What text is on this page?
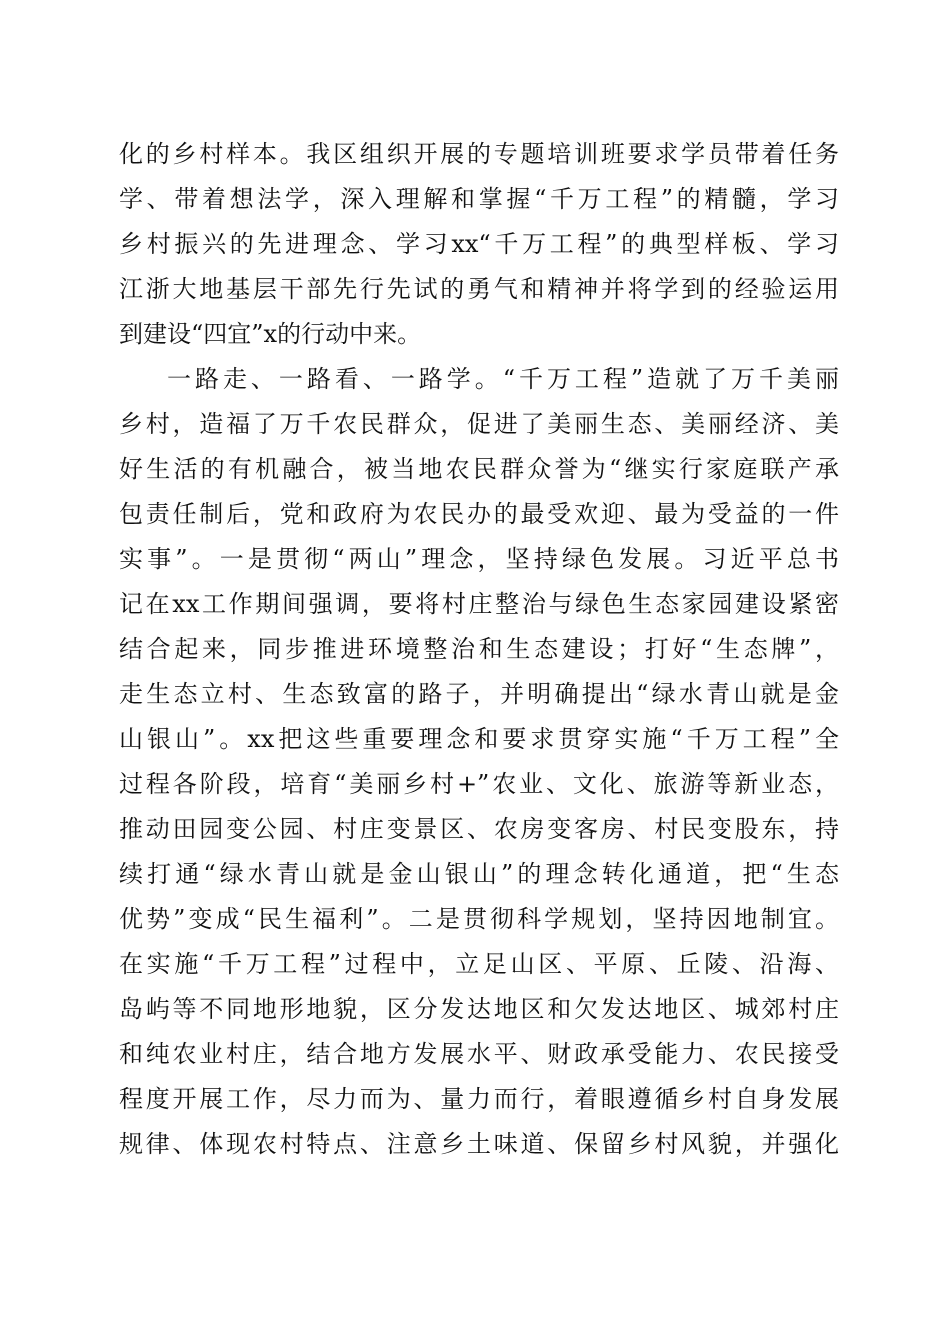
化的乡村样本。我区组织开展的专题培训班要求学员带着任务
学、带着想法学，深入理解和掌握“千万工程”的精髓，学习
乡村振兴的先进理念、学习xx“千万工程”的典型样板、学习
江浙大地基层干部先行先试的勇气和精神并将学到的经验运用
到建设“四宜”x的行动中来。
一路走、一路看、一路学。“千万工程”造就了万千美丽
乡村，造福了万千农民群众，促进了美丽生态、美丽经济、美
好生活的有机融合，被当地农民群众誉为“继实行家庭联产承
包责任制后，党和政府为农民办的最受欢迎、最为受益的一件
实事”。一是贯彻“两山”理念，坚持绿色发展。习近平总书
记在xx工作期间强调，要将村庄整治与绿色生态家园建设紧密
结合起来，同步推进环境整治和生态建设；打好“生态牌”，
走生态立村、生态致富的路子，并明确提出“绿水青山就是金
山银山”。xx把这些重要理念和要求贯穿实施“千万工程”全
过程各阶段，培育“美丽乡村+”农业、文化、旅游等新业态，
推动田园变公园、村庄变景区、农房变客房、村民变股东，持
续打通“绿水青山就是金山银山”的理念转化通道，把“生态
优势”变成“民生福利”。二是贯彻科学规划，坚持因地制宜。
在实施“千万工程”过程中，立足山区、平原、丘陵、沿海、
岛屿等不同地形地貌，区分发达地区和欠发达地区、城郊村庄
和纯农业村庄，结合地方发展水平、财政承受能力、农民接受
程度开展工作，尽力而为、量力而行，着眼遵循乡村自身发展
规律、体现农村特点、注意乡土味道、保留乡村风貌，并强化
